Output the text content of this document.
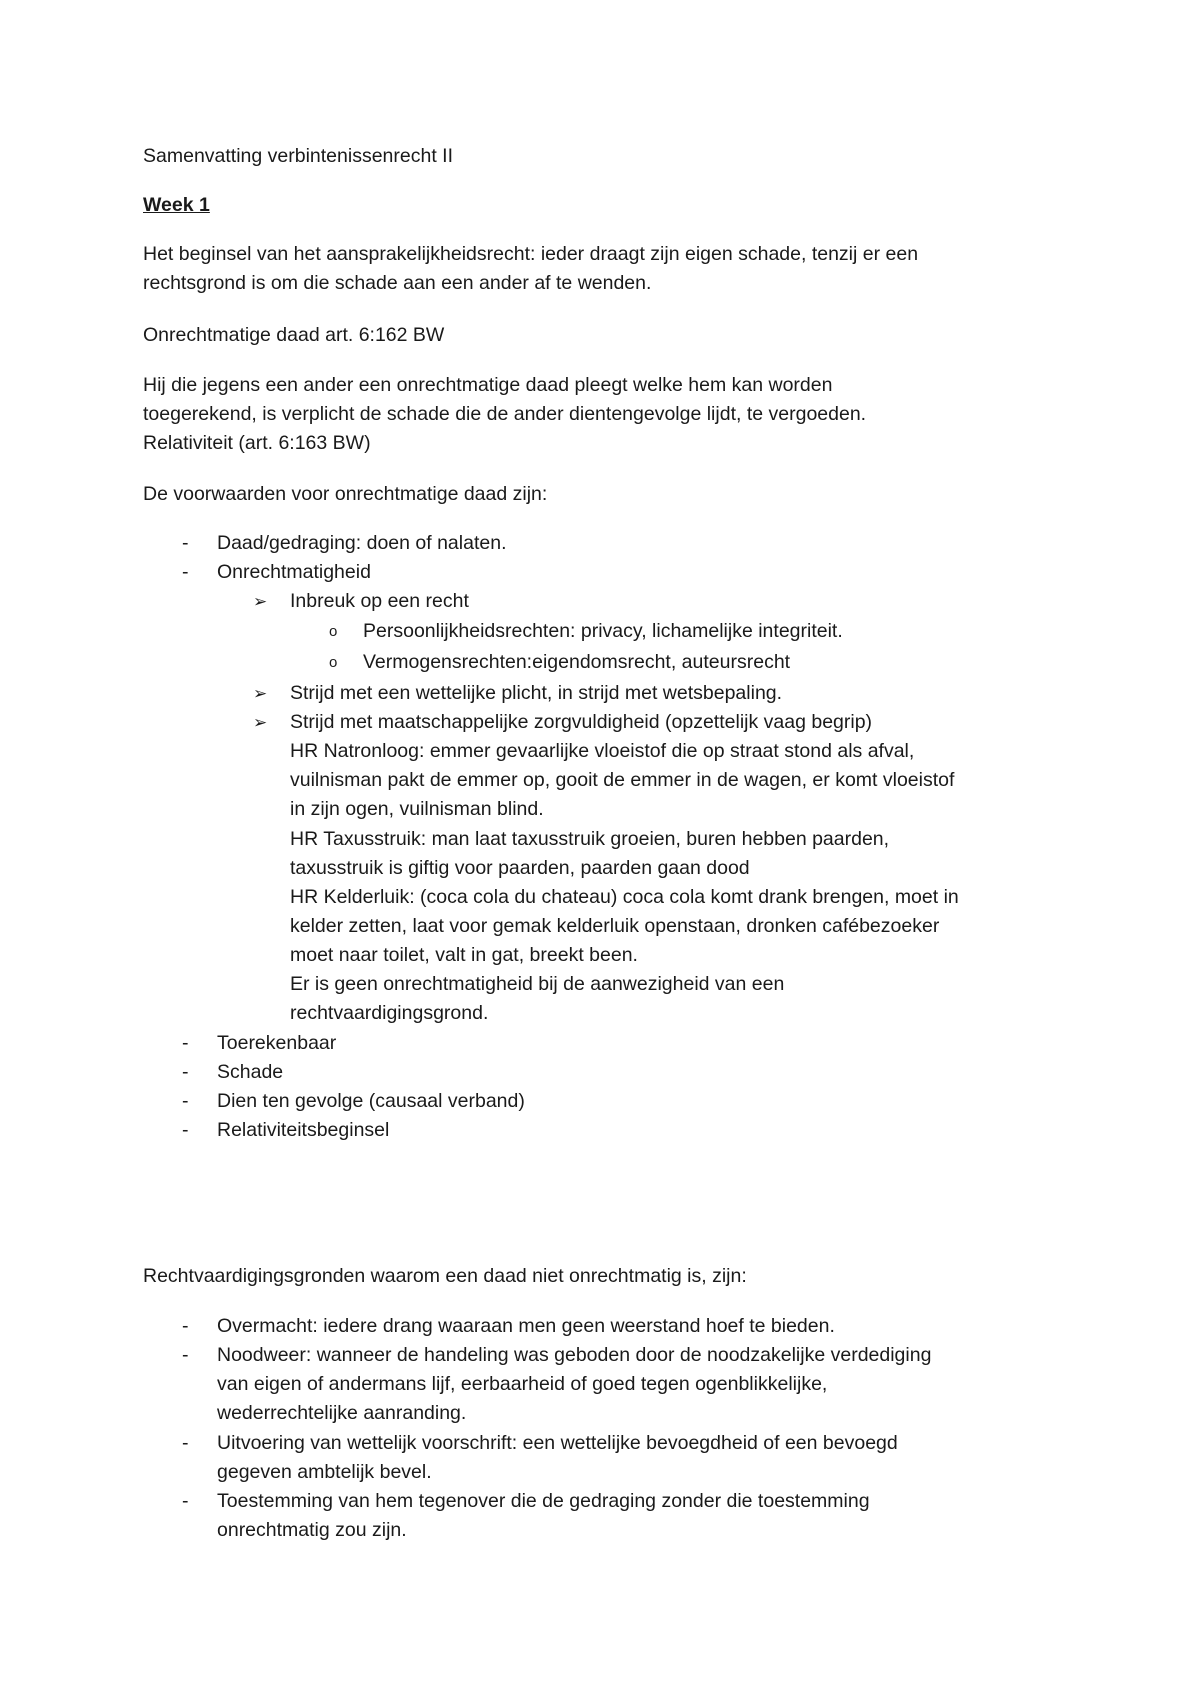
Samenvatting verbintenissenrecht II
Week 1
Het beginsel van het aansprakelijkheidsrecht: ieder draagt zijn eigen schade, tenzij er een
rechtsgrond is om die schade aan een ander af te wenden.
Onrechtmatige daad art. 6:162 BW
Hij die jegens een ander een onrechtmatige daad pleegt welke hem kan worden
toegerekend, is verplicht de schade die de ander dientengevolge lijdt, te vergoeden.
Relativiteit (art. 6:163 BW)
De voorwaarden voor onrechtmatige daad zijn:
- Daad/gedraging: doen of nalaten.
- Onrechtmatigheid
➢ Inbreuk op een recht
o Persoonlijkheidsrechten: privacy, lichamelijke integriteit.
o Vermogensrechten:eigendomsrecht, auteursrecht
➢ Strijd met een wettelijke plicht, in strijd met wetsbepaling.
➢ Strijd met maatschappelijke zorgvuldigheid (opzettelijk vaag begrip)
HR Natronloog: emmer gevaarlijke vloeistof die op straat stond als afval,
vuilnisman pakt de emmer op, gooit de emmer in de wagen, er komt vloeistof
in zijn ogen, vuilnisman blind.
HR Taxusstruik: man laat taxusstruik groeien, buren hebben paarden,
taxusstruik is giftig voor paarden, paarden gaan dood
HR Kelderluik: (coca cola du chateau) coca cola komt drank brengen, moet in
kelder zetten, laat voor gemak kelderluik openstaan, dronken cafébezoeker
moet naar toilet, valt in gat, breekt been.
Er is geen onrechtmatigheid bij de aanwezigheid van een
rechtvaardigingsgrond.
- Toerekenbaar
- Schade
- Dien ten gevolge (causaal verband)
- Relativiteitsbeginsel
Rechtvaardigingsgronden waarom een daad niet onrechtmatig is, zijn:
- Overmacht: iedere drang waaraan men geen weerstand hoef te bieden.
- Noodweer: wanneer de handeling was geboden door de noodzakelijke verdediging
van eigen of andermans lijf, eerbaarheid of goed tegen ogenblikkelijke,
wederrechtelijke aanranding.
- Uitvoering van wettelijk voorschrift: een wettelijke bevoegdheid of een bevoegd
gegeven ambtelijk bevel.
- Toestemming van hem tegenover die de gedraging zonder die toestemming
onrechtmatig zou zijn.
